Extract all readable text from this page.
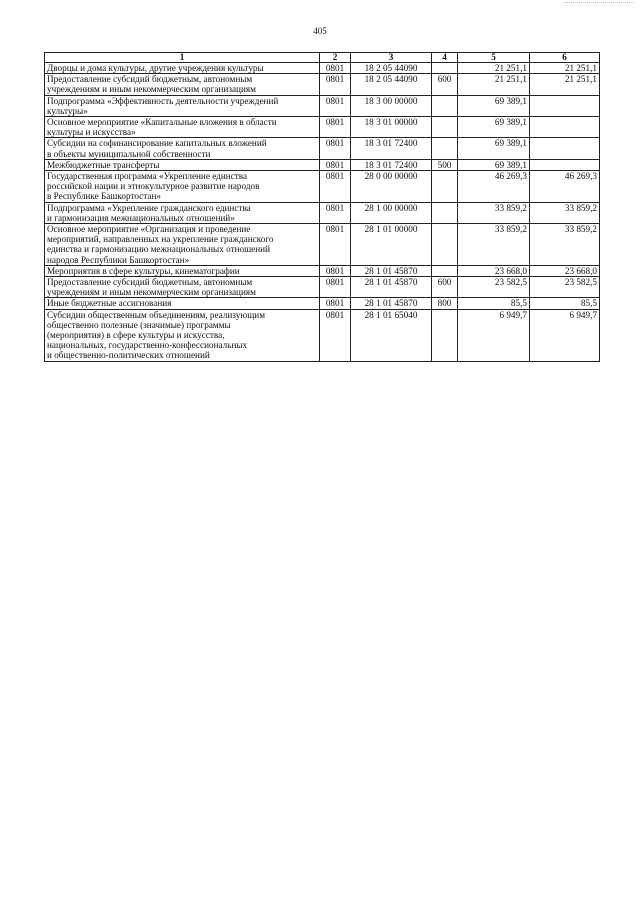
405
1	2	3	4	5	6
Дворцы и дома культуры, другие учреждения культуры	0801	18 2 05 44090		21 251,1	21 251,1
Предоставление субсидий бюджетным, автономным
учреждениям и иным некоммерческим организациям	0801	18 2 05 44090	600	21 251,1	21 251,1
Подпрограмма «Эффективность деятельности учреждений
культуры»	0801	18 3 00 00000		69 389,1	
Основное мероприятие «Капитальные вложения в области
культуры и искусства»	0801	18 3 01 00000		69 389,1	
Субсидии на софинансирование капитальных вложений
в объекты муниципальной собственности	0801	18 3 01 72400		69 389,1	
Межбюджетные трансферты	0801	18 3 01 72400	500	69 389,1	
Государственная программа «Укрепление единства
российской нации и этнокультурное развитие народов
в Республике Башкортостан»	0801	28 0 00 00000		46 269,3	46 269,3
Подпрограмма «Укрепление гражданского единства
и гармонизация межнациональных отношений»	0801	28 1 00 00000		33 859,2	33 859,2
Основное мероприятие «Организация и проведение
мероприятий, направленных на укрепление гражданского
единства и гармонизацию межнациональных отношений
народов Республики Башкортостан»	0801	28 1 01 00000		33 859,2	33 859,2
Мероприятия в сфере культуры, кинематографии	0801	28 1 01 45870		23 668,0	23 668,0
Предоставление субсидий бюджетным, автономным
учреждениям и иным некоммерческим организациям	0801	28 1 01 45870	600	23 582,5	23 582,5
Иные бюджетные ассигнования	0801	28 1 01 45870	800	85,5	85,5
Субсидии общественным объединениям, реализующим
общественно полезные (значимые) программы
(мероприятия) в сфере культуры и искусства,
национальных, государственно-конфессиональных
и общественно-политических отношений	0801	28 1 01 65040		6 949,7	6 949,7
